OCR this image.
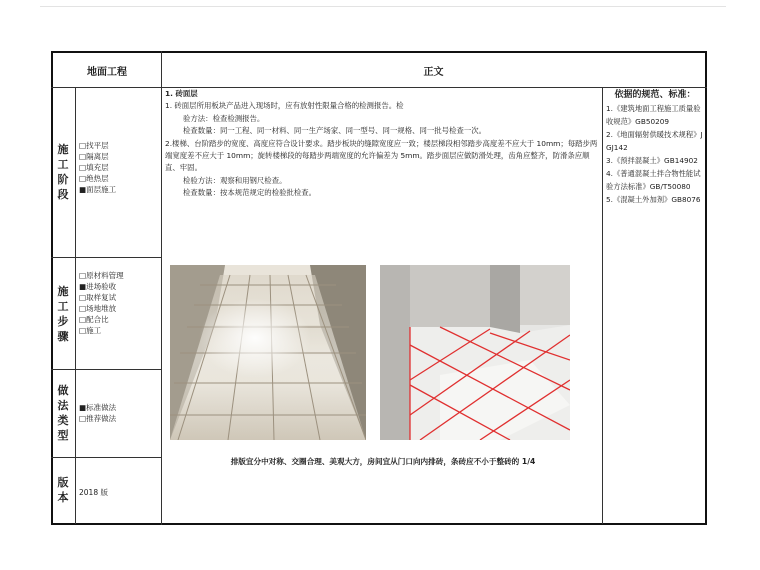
地面工程	正文
施
工
阶
段
□找平层
□隔离层
□填充层
□绝热层
■面层施工
施
工
步
骤
□原材料管理
■进场验收
□取样复试
□场地堆放
□配合比
□施工
做
法
类
型
■标准做法
□推荐做法
版
本 2018 版

1. 砖面层

1. 砖面层所用板块产品进入现场时，应有放射性限量合格的检测报告。检

验方法：检查检测报告。

检查数量：同一工程、同一材料、同一生产场家、同一型号、同一规格、同一批号检查一次。

2.楼梯、台阶踏步的宽度、高度应符合设计要求。踏步板块的缝隙宽度应一致；楼层梯段相邻踏步高度差不应大于 10mm；每踏步两端宽度差不应大于 10mm；旋转楼梯段的每踏步两端宽度的允许偏差为 5mm。踏步面层应做防滑处理，齿角应整齐，防滑条应顺直、牢固。

检验方法：观察和用钢尺检查。

检查数量：按本规范规定的检验批检查。

排版宜分中对称、交圈合理、美观大方，房间宜从门口向内排砖，条砖应不小于整砖的 1/4
依据的规范、标准：
1.《建筑地面工程施工质量验收规范》GB50209
2.《地面辐射供暖技术规程》JGJ142
3.《预拌混凝土》GB14902
4.《普通混凝土拌合物性能试验方法标准》GB/T50080
5.《混凝土外加剂》GB8076
